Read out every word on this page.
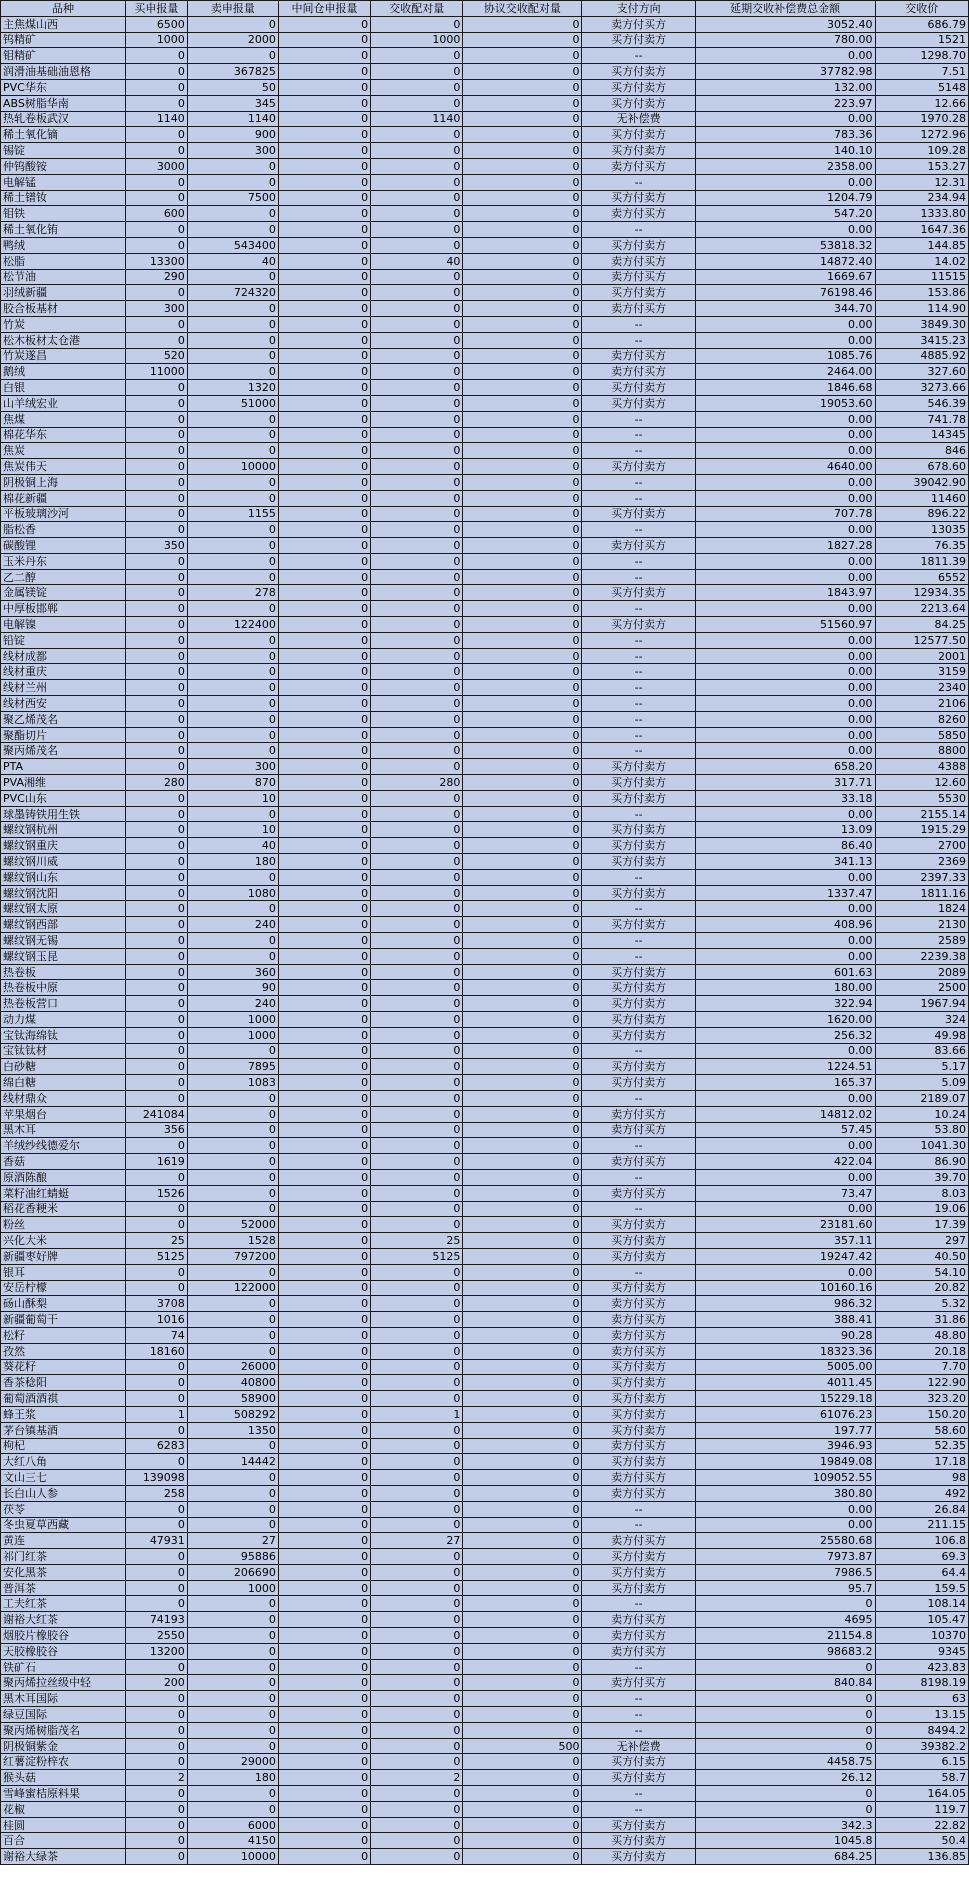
品种	买申报量	卖申报量	中间仓申报量	交收配对量	协议交收配对量	支付方向	延期交收补偿费总金额	交收价
主焦煤山西	6500	0	0	0	0	卖方付买方	3052.40	686.79
钨精矿	1000	2000	0	1000	0	买方付卖方	780.00	1521
钼精矿	0	0	0	0	0	--	0.00	1298.70
润滑油基础油恩格	0	367825	0	0	0	买方付卖方	37782.98	7.51
PVC华东	0	50	0	0	0	买方付卖方	132.00	5148
ABS树脂华南	0	345	0	0	0	买方付卖方	223.97	12.66
热轧卷板武汉	1140	1140	0	1140	0	无补偿费	0.00	1970.28
稀土氧化镝	0	900	0	0	0	买方付卖方	783.36	1272.96
锡锭	0	300	0	0	0	买方付卖方	140.10	109.28
仲钨酸铵	3000	0	0	0	0	卖方付买方	2358.00	153.27
电解锰	0	0	0	0	0	--	0.00	12.31
稀土镨钕	0	7500	0	0	0	买方付卖方	1204.79	234.94
钼铁	600	0	0	0	0	卖方付买方	547.20	1333.80
稀土氧化铕	0	0	0	0	0	--	0.00	1647.36
鸭绒	0	543400	0	0	0	买方付卖方	53818.32	144.85
松脂	13300	40	0	40	0	卖方付买方	14872.40	14.02
松节油	290	0	0	0	0	卖方付买方	1669.67	11515
羽绒新疆	0	724320	0	0	0	买方付卖方	76198.46	153.86
胶合板基材	300	0	0	0	0	卖方付买方	344.70	114.90
竹炭	0	0	0	0	0	--	0.00	3849.30
松木板材太仓港	0	0	0	0	0	--	0.00	3415.23
竹炭遂昌	520	0	0	0	0	卖方付买方	1085.76	4885.92
鹅绒	11000	0	0	0	0	卖方付买方	2464.00	327.60
白银	0	1320	0	0	0	买方付卖方	1846.68	3273.66
山羊绒宏业	0	51000	0	0	0	买方付卖方	19053.60	546.39
焦煤	0	0	0	0	0	--	0.00	741.78
棉花华东	0	0	0	0	0	--	0.00	14345
焦炭	0	0	0	0	0	--	0.00	846
焦炭伟天	0	10000	0	0	0	买方付卖方	4640.00	678.60
阴极铜上海	0	0	0	0	0	--	0.00	39042.90
棉花新疆	0	0	0	0	0	--	0.00	11460
平板玻璃沙河	0	1155	0	0	0	买方付卖方	707.78	896.22
脂松香	0	0	0	0	0	--	0.00	13035
碳酸锂	350	0	0	0	0	卖方付买方	1827.28	76.35
玉米丹东	0	0	0	0	0	--	0.00	1811.39
乙二醇	0	0	0	0	0	--	0.00	6552
金属镁锭	0	278	0	0	0	买方付卖方	1843.97	12934.35
中厚板邯郸	0	0	0	0	0	--	0.00	2213.64
电解镍	0	122400	0	0	0	买方付卖方	51560.97	84.25
铅锭	0	0	0	0	0	--	0.00	12577.50
线材成都	0	0	0	0	0	--	0.00	2001
线材重庆	0	0	0	0	0	--	0.00	3159
线材兰州	0	0	0	0	0	--	0.00	2340
线材西安	0	0	0	0	0	--	0.00	2106
聚乙烯茂名	0	0	0	0	0	--	0.00	8260
聚酯切片	0	0	0	0	0	--	0.00	5850
聚丙烯茂名	0	0	0	0	0	--	0.00	8800
PTA	0	300	0	0	0	买方付卖方	658.20	4388
PVA湘维	280	870	0	280	0	买方付卖方	317.71	12.60
PVC山东	0	10	0	0	0	买方付卖方	33.18	5530
球墨铸铁用生铁	0	0	0	0	0	--	0.00	2155.14
螺纹钢杭州	0	10	0	0	0	买方付卖方	13.09	1915.29
螺纹钢重庆	0	40	0	0	0	买方付卖方	86.40	2700
螺纹钢川威	0	180	0	0	0	买方付卖方	341.13	2369
螺纹钢山东	0	0	0	0	0	--	0.00	2397.33
螺纹钢沈阳	0	1080	0	0	0	买方付卖方	1337.47	1811.16
螺纹钢太原	0	0	0	0	0	--	0.00	1824
螺纹钢西部	0	240	0	0	0	买方付卖方	408.96	2130
螺纹钢无锡	0	0	0	0	0	--	0.00	2589
螺纹钢玉昆	0	0	0	0	0	--	0.00	2239.38
热卷板	0	360	0	0	0	买方付卖方	601.63	2089
热卷板中原	0	90	0	0	0	买方付卖方	180.00	2500
热卷板营口	0	240	0	0	0	买方付卖方	322.94	1967.94
动力煤	0	1000	0	0	0	买方付卖方	1620.00	324
宝钛海绵钛	0	1000	0	0	0	买方付卖方	256.32	49.98
宝钛钛材	0	0	0	0	0	--	0.00	83.66
白砂糖	0	7895	0	0	0	买方付卖方	1224.51	5.17
绵白糖	0	1083	0	0	0	买方付卖方	165.37	5.09
线材鼎众	0	0	0	0	0	--	0.00	2189.07
苹果烟台	241084	0	0	0	0	卖方付买方	14812.02	10.24
黑木耳	356	0	0	0	0	卖方付买方	57.45	53.80
羊绒纱线德爱尔	0	0	0	0	0	--	0.00	1041.30
香菇	1619	0	0	0	0	卖方付买方	422.04	86.90
原酒陈酿	0	0	0	0	0	--	0.00	39.70
菜籽油红蜻蜓	1526	0	0	0	0	卖方付买方	73.47	8.03
稻花香粳米	0	0	0	0	0	--	0.00	19.06
粉丝	0	52000	0	0	0	买方付卖方	23181.60	17.39
兴化大米	25	1528	0	25	0	买方付卖方	357.11	297
新疆枣好牌	5125	797200	0	5125	0	买方付卖方	19247.42	40.50
银耳	0	0	0	0	0	--	0.00	54.10
安岳柠檬	0	122000	0	0	0	买方付卖方	10160.16	20.82
砀山酥梨	3708	0	0	0	0	卖方付买方	986.32	5.32
新疆葡萄干	1016	0	0	0	0	卖方付买方	388.41	31.86
松籽	74	0	0	0	0	卖方付买方	90.28	48.80
孜然	18160	0	0	0	0	卖方付买方	18323.36	20.18
葵花籽	0	26000	0	0	0	买方付卖方	5005.00	7.70
香茶稔阳	0	40800	0	0	0	买方付卖方	4011.45	122.90
葡萄酒酒祺	0	58900	0	0	0	买方付卖方	15229.18	323.20
蜂王浆	1	508292	0	1	0	买方付卖方	61076.23	150.20
茅台镇基酒	0	1350	0	0	0	买方付卖方	197.77	58.60
枸杞	6283	0	0	0	0	卖方付买方	3946.93	52.35
大红八角	0	14442	0	0	0	买方付卖方	19849.08	17.18
文山三七	139098	0	0	0	0	卖方付买方	109052.55	98
长白山人参	258	0	0	0	0	卖方付买方	380.80	492
茯苓	0	0	0	0	0	--	0.00	26.84
冬虫夏草西藏	0	0	0	0	0	--	0.00	211.15
黄连	47931	27	0	27	0	卖方付买方	25580.68	106.8
祁门红茶	0	95886	0	0	0	买方付卖方	7973.87	69.3
安化黑茶	0	206690	0	0	0	买方付卖方	7986.5	64.4
普洱茶	0	1000	0	0	0	买方付卖方	95.7	159.5
工夫红茶	0	0	0	0	0	--	0	108.14
谢裕大红茶	74193	0	0	0	0	卖方付买方	4695	105.47
烟胶片橡胶谷	2550	0	0	0	0	卖方付买方	21154.8	10370
天胶橡胶谷	13200	0	0	0	0	卖方付买方	98683.2	9345
铁矿石	0	0	0	0	0	--	0	423.83
聚丙烯拉丝级中轻	200	0	0	0	0	卖方付买方	840.84	8198.19
黑木耳国际	0	0	0	0	0	--	0	63
绿豆国际	0	0	0	0	0	--	0	13.15
聚丙烯树脂茂名	0	0	0	0	0	--	0	8494.2
阴极铜紫金	0	0	0	0	500	无补偿费	0	39382.2
红薯淀粉梓农	0	29000	0	0	0	买方付卖方	4458.75	6.15
猴头菇	2	180	0	2	0	买方付卖方	26.12	58.7
雪峰蜜桔原料果	0	0	0	0	0	--	0	164.05
花椒	0	0	0	0	0	--	0	119.7
桂圆	0	6000	0	0	0	买方付卖方	342.3	22.82
百合	0	4150	0	0	0	买方付卖方	1045.8	50.4
谢裕大绿茶	0	10000	0	0	0	买方付卖方	684.25	136.85
